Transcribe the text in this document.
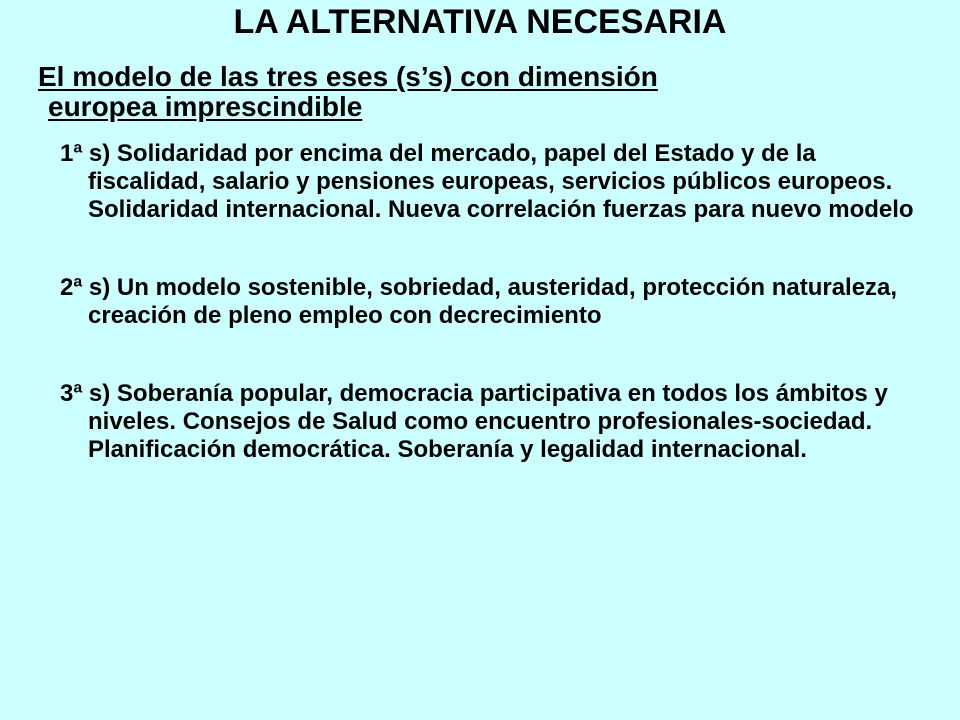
LA ALTERNATIVA NECESARIA
El modelo de las tres eses (s’s) con dimensión
europea imprescindible
1ª s) Solidaridad por encima del mercado, papel del Estado y de la fiscalidad, salario y pensiones europeas, servicios públicos europeos. Solidaridad internacional. Nueva correlación fuerzas para nuevo modelo
2ª s) Un modelo sostenible, sobriedad, austeridad, protección naturaleza, creación de pleno empleo con decrecimiento
3ª s) Soberanía popular, democracia participativa en todos los ámbitos y niveles. Consejos de Salud como encuentro profesionales-sociedad. Planificación democrática. Soberanía y legalidad internacional.
